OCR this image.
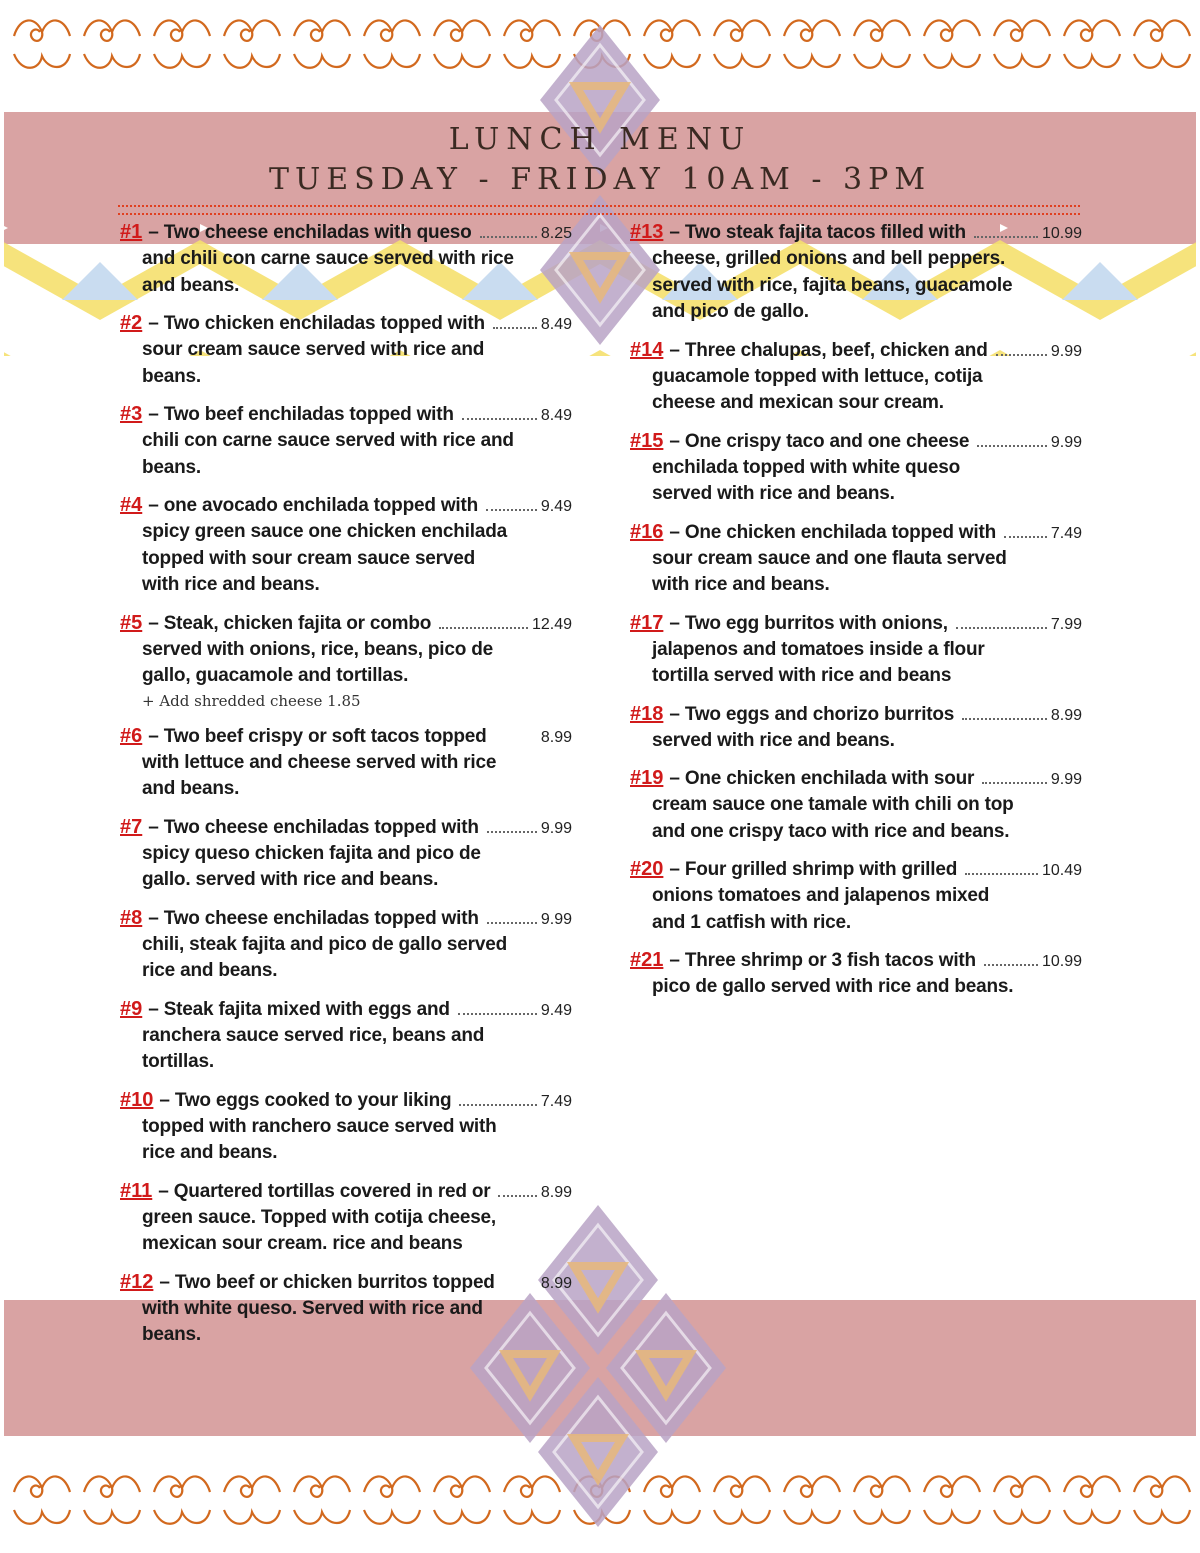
LUNCH MENU
TUESDAY - FRIDAY 10AM - 3PM
#1 – Two cheese enchiladas with queso	8.25
and chili con carne sauce served with rice
and beans.
#2 – Two chicken enchiladas topped with	8.49
sour cream sauce served with rice and
beans.
#3 – Two beef enchiladas topped with	8.49
chili con carne sauce served with rice and
beans.
#4 – one avocado enchilada topped with	9.49
spicy green sauce one chicken enchilada
topped with sour cream sauce served
with rice and beans.
#5 – Steak, chicken fajita or combo	12.49
served with onions, rice, beans, pico de
gallo, guacamole and tortillas.
+ Add shredded cheese 1.85
#6 – Two beef crispy or soft tacos topped	8.99
with lettuce and cheese served with rice
and beans.
#7 – Two cheese enchiladas topped with	9.99
spicy queso chicken fajita and pico de
gallo. served with rice and beans.
#8 – Two cheese enchiladas topped with	9.99
chili, steak fajita and pico de gallo served
rice and beans.
#9 – Steak fajita mixed with eggs and	9.49
ranchera sauce served rice, beans and
tortillas.
#10 – Two eggs cooked to your liking	7.49
topped with ranchero sauce served with
rice and beans.
#11 – Quartered tortillas covered in red or	8.99
green sauce. Topped with cotija cheese,
mexican sour cream. rice and beans
#12 – Two beef or chicken burritos topped	8.99
with white queso. Served with rice and
beans.
#13 – Two steak fajita tacos filled with	10.99
cheese, grilled onions and bell peppers.
served with rice, fajita beans, guacamole
and pico de gallo.
#14 – Three chalupas, beef, chicken and	9.99
guacamole topped with lettuce, cotija
cheese and mexican sour cream.
#15 – One crispy taco and one cheese	9.99
enchilada topped with white queso
served with rice and beans.
#16 – One chicken enchilada topped with	7.49
sour cream sauce and one flauta served
with rice and beans.
#17 – Two egg burritos with onions,	7.99
jalapenos and tomatoes inside a flour
tortilla served with rice and beans
#18 – Two eggs and chorizo burritos	8.99
served with rice and beans.
#19 – One chicken enchilada with sour	9.99
cream sauce one tamale with chili on top
and one crispy taco with rice and beans.
#20 – Four grilled shrimp with grilled	10.49
onions tomatoes and jalapenos mixed
and 1 catfish with rice.
#21 – Three shrimp or 3 fish tacos with	10.99
pico de gallo served with rice and beans.
